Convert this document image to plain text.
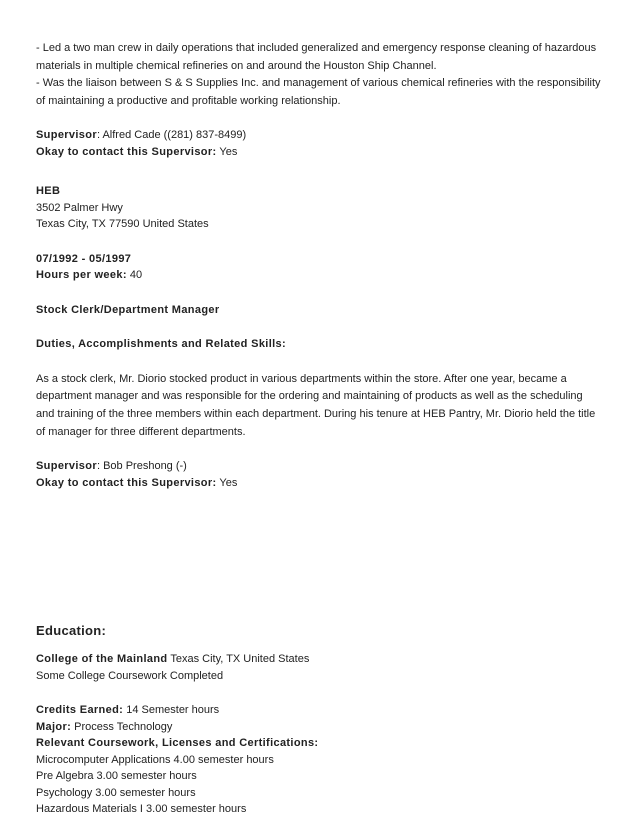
- Led a two man crew in daily operations that included generalized and emergency response cleaning of hazardous
materials in multiple chemical refineries on and around the Houston Ship Channel.
- Was the liaison between S & S Supplies Inc. and management of various chemical refineries with the responsibility
of maintaining a productive and profitable working relationship.
Supervisor: Alfred Cade ((281) 837-8499)
Okay to contact this Supervisor: Yes
HEB
3502 Palmer Hwy
Texas City, TX 77590 United States
07/1992 - 05/1997
Hours per week: 40
Stock Clerk/Department Manager
Duties, Accomplishments and Related Skills:
As a stock clerk, Mr. Diorio stocked product in various departments within the store. After one year, became a
department manager and was responsible for the ordering and maintaining of products as well as the scheduling
and training of the three members within each department. During his tenure at HEB Pantry, Mr. Diorio held the title
of manager for three different departments.
Supervisor: Bob Preshong (-)
Okay to contact this Supervisor: Yes
Education:
College of the Mainland Texas City, TX United States
Some College Coursework Completed
Credits Earned: 14 Semester hours
Major: Process Technology
Relevant Coursework, Licenses and Certifications:
Microcomputer Applications 4.00 semester hours
Pre Algebra 3.00 semester hours
Psychology 3.00 semester hours
Hazardous Materials I 3.00 semester hours
